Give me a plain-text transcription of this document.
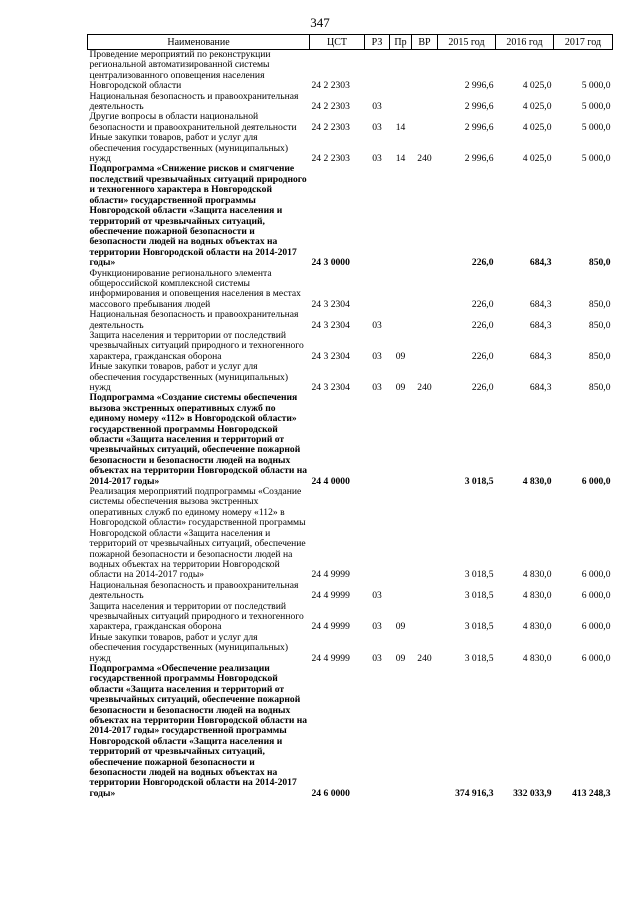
347
Наименование	ЦСТ	РЗ	Пр	ВР	2015 год	2016 год	2017 год
Проведение мероприятий по реконструкции региональной автоматизированной системы централизованного оповещения населения Новгородской области	24 2 2303				2 996,6	4 025,0	5 000,0
Национальная безопасность и правоохранительная деятельность	24 2 2303	03			2 996,6	4 025,0	5 000,0
Другие вопросы в области национальной безопасности и правоохранительной деятельности	24 2 2303	03	14		2 996,6	4 025,0	5 000,0
Иные закупки товаров, работ и услуг для обеспечения государственных (муниципальных) нужд	24 2 2303	03	14	240	2 996,6	4 025,0	5 000,0
Подпрограмма «Снижение рисков и смягчение последствий чрезвычайных ситуаций природного и техногенного характера в Новгородской области» государственной программы Новгородской области «Защита населения и территорий от чрезвычайных ситуаций, обеспечение пожарной безопасности и безопасности людей на водных объектах на территории Новгородской области на 2014-2017 годы»	24 3 0000				226,0	684,3	850,0
Функционирование регионального элемента общероссийской комплексной системы информирования и оповещения населения в местах массового пребывания людей	24 3 2304				226,0	684,3	850,0
Национальная безопасность и правоохранительная деятельность	24 3 2304	03			226,0	684,3	850,0
Защита населения и территории от последствий чрезвычайных ситуаций природного и техногенного характера, гражданская оборона	24 3 2304	03	09		226,0	684,3	850,0
Иные закупки товаров, работ и услуг для обеспечения государственных (муниципальных) нужд	24 3 2304	03	09	240	226,0	684,3	850,0
Подпрограмма «Создание системы обеспечения вызова экстренных оперативных служб по единому номеру «112» в Новгородской области» государственной программы Новгородской области «Защита населения и территорий от чрезвычайных ситуаций, обеспечение пожарной безопасности и безопасности людей на водных объектах на территории Новгородской области на 2014-2017 годы»	24 4 0000				3 018,5	4 830,0	6 000,0
Реализация мероприятий подпрограммы «Создание системы обеспечения вызова экстренных оперативных служб по единому номеру «112» в Новгородской области» государственной программы Новгородской области «Защита населения и территорий от чрезвычайных ситуаций, обеспечение пожарной безопасности и безопасности людей на водных объектах на территории Новгородской области на 2014-2017 годы»	24 4 9999				3 018,5	4 830,0	6 000,0
Национальная безопасность и правоохранительная деятельность	24 4 9999	03			3 018,5	4 830,0	6 000,0
Защита населения и территории от последствий чрезвычайных ситуаций природного и техногенного характера, гражданская оборона	24 4 9999	03	09		3 018,5	4 830,0	6 000,0
Иные закупки товаров, работ и услуг для обеспечения государственных (муниципальных) нужд	24 4 9999	03	09	240	3 018,5	4 830,0	6 000,0
Подпрограмма «Обеспечение реализации государственной программы Новгородской области «Защита населения и территорий от чрезвычайных ситуаций, обеспечение пожарной безопасности и безопасности людей на водных объектах на территории Новгородской области на 2014-2017 годы» государственной программы Новгородской области «Защита населения и территорий от чрезвычайных ситуаций, обеспечение пожарной безопасности и безопасности людей на водных объектах на территории Новгородской области на 2014-2017 годы»	24 6 0000				374 916,3	332 033,9	413 248,3
